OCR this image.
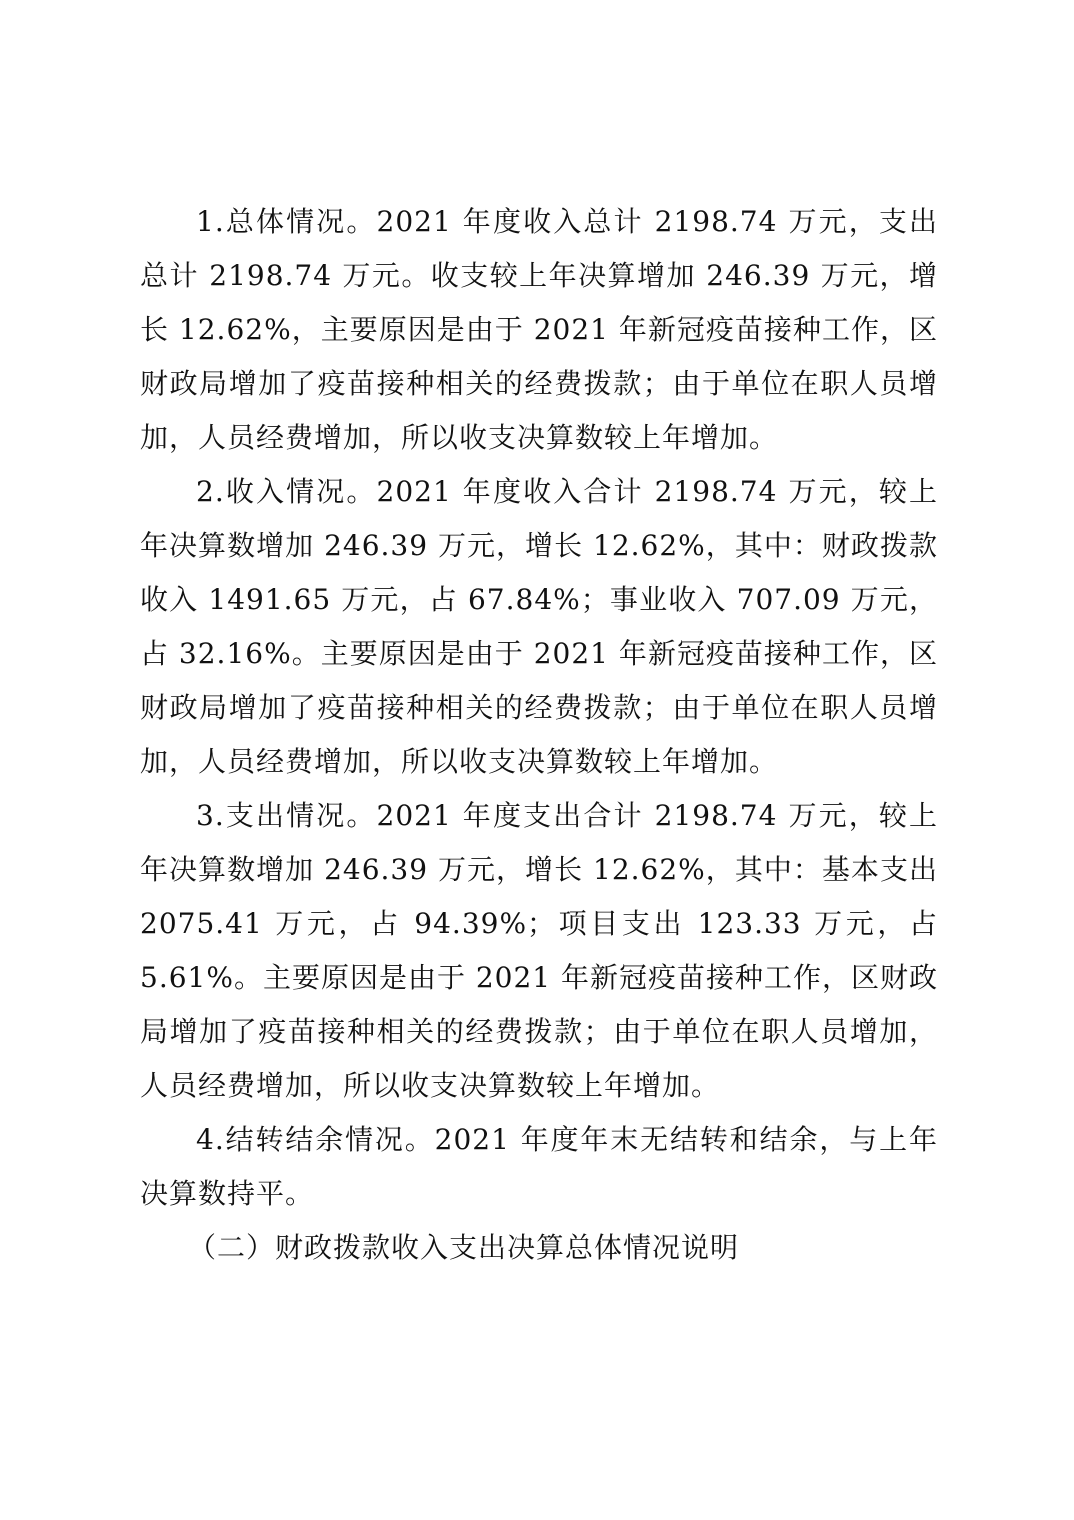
1.总体情况。2021 年度收入总计 2198.74 万元，支出总计 2198.74 万元。收支较上年决算增加 246.39 万元，增长 12.62%，主要原因是由于 2021 年新冠疫苗接种工作，区财政局增加了疫苗接种相关的经费拨款；由于单位在职人员增加，人员经费增加，所以收支决算数较上年增加。

2.收入情况。2021 年度收入合计 2198.74 万元，较上年决算数增加 246.39 万元，增长 12.62%，其中：财政拨款收入 1491.65 万元，占 67.84%；事业收入 707.09 万元，占 32.16%。主要原因是由于 2021 年新冠疫苗接种工作，区财政局增加了疫苗接种相关的经费拨款；由于单位在职人员增加，人员经费增加，所以收支决算数较上年增加。

3.支出情况。2021 年度支出合计 2198.74 万元，较上年决算数增加 246.39 万元，增长 12.62%，其中：基本支出 2075.41 万元，占 94.39%；项目支出 123.33 万元，占 5.61%。主要原因是由于 2021 年新冠疫苗接种工作，区财政局增加了疫苗接种相关的经费拨款；由于单位在职人员增加，人员经费增加，所以收支决算数较上年增加。

4.结转结余情况。2021 年度年末无结转和结余，与上年决算数持平。

（二）财政拨款收入支出决算总体情况说明
